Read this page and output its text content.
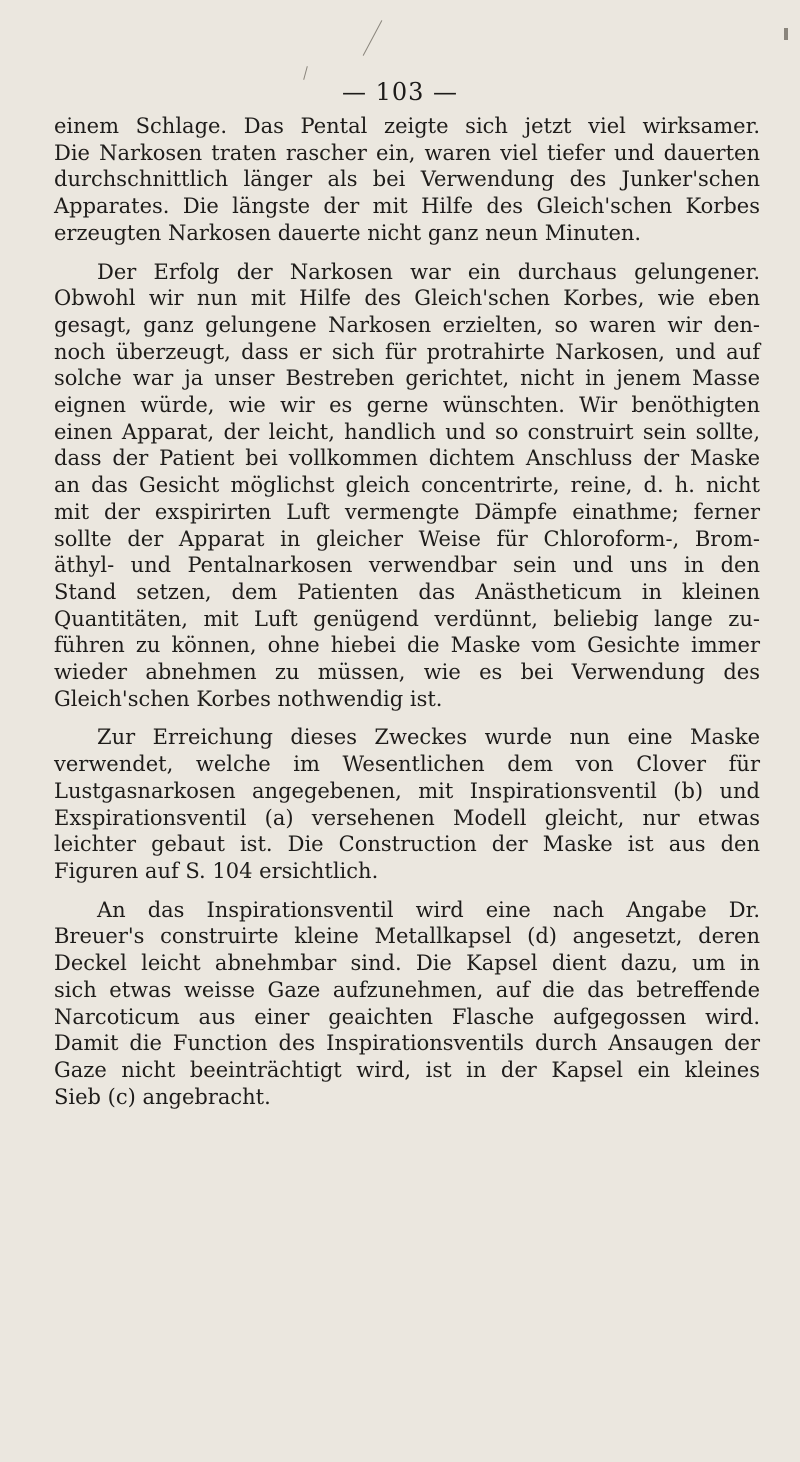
— 103 —
einem Schlage. Das Pental zeigte sich jetzt viel wirksamer.
Die Narkosen traten rascher ein, waren viel tiefer und dauerten
durchschnittlich länger als bei Verwendung des Junker'schen
Apparates. Die längste der mit Hilfe des Gleich'schen Korbes
erzeugten Narkosen dauerte nicht ganz neun Minuten.
Der Erfolg der Narkosen war ein durchaus gelungener.
Obwohl wir nun mit Hilfe des Gleich'schen Korbes, wie eben
gesagt, ganz gelungene Narkosen erzielten, so waren wir den-
noch überzeugt, dass er sich für protrahirte Narkosen, und auf
solche war ja unser Bestreben gerichtet, nicht in jenem Masse
eignen würde, wie wir es gerne wünschten. Wir benöthigten
einen Apparat, der leicht, handlich und so construirt sein sollte,
dass der Patient bei vollkommen dichtem Anschluss der Maske
an das Gesicht möglichst gleich concentrirte, reine, d. h. nicht
mit der exspirirten Luft vermengte Dämpfe einathme; ferner
sollte der Apparat in gleicher Weise für Chloroform-, Brom-
äthyl- und Pentalnarkosen verwendbar sein und uns in den
Stand setzen, dem Patienten das Anästheticum in kleinen
Quantitäten, mit Luft genügend verdünnt, beliebig lange zu-
führen zu können, ohne hiebei die Maske vom Gesichte immer
wieder abnehmen zu müssen, wie es bei Verwendung des
Gleich'schen Korbes nothwendig ist.
Zur Erreichung dieses Zweckes wurde nun eine Maske
verwendet, welche im Wesentlichen dem von Clover für
Lustgasnarkosen angegebenen, mit Inspirationsventil (b) und
Exspirationsventil (a) versehenen Modell gleicht, nur etwas
leichter gebaut ist. Die Construction der Maske ist aus den
Figuren auf S. 104 ersichtlich.
An das Inspirationsventil wird eine nach Angabe Dr.
Breuer's construirte kleine Metallkapsel (d) angesetzt, deren
Deckel leicht abnehmbar sind. Die Kapsel dient dazu, um in
sich etwas weisse Gaze aufzunehmen, auf die das betreffende
Narcoticum aus einer geaichten Flasche aufgegossen wird.
Damit die Function des Inspirationsventils durch Ansaugen der
Gaze nicht beeinträchtigt wird, ist in der Kapsel ein kleines
Sieb (c) angebracht.
